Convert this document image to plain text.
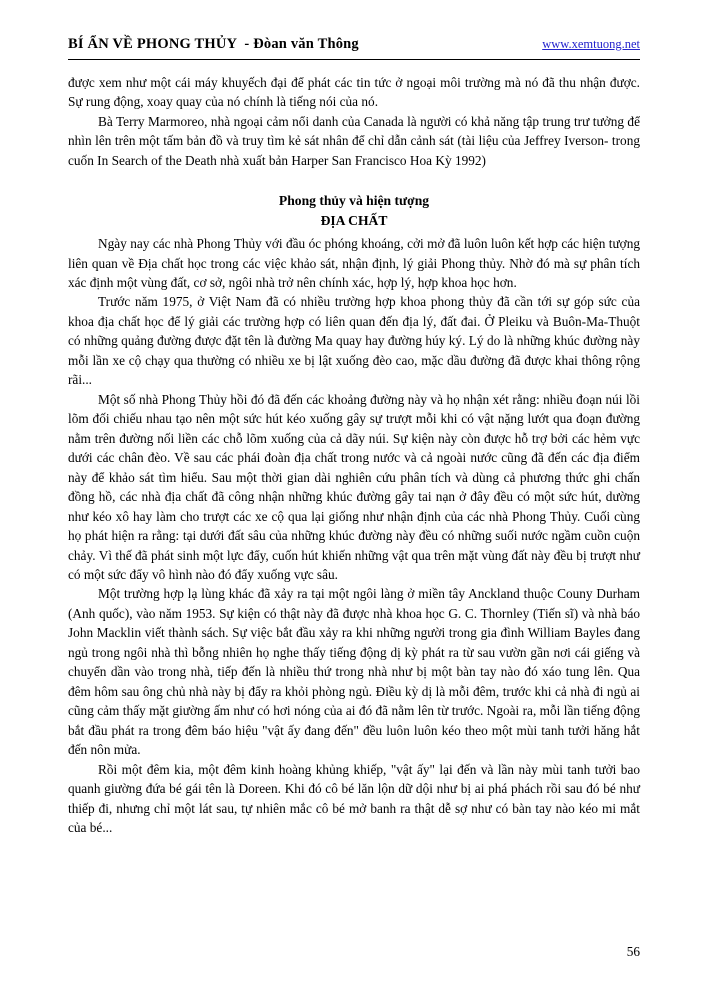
BÍ ẨN VỀ PHONG THỦY  - Đòan văn Thông	www.xemtuong.net

được xem như một cái máy khuyếch đại để phát các tin tức ở ngoại môi trường mà nó đã thu nhận được. Sự rung động, xoay quay của nó chính là tiếng nói của nó.

Bà Terry Marmoreo, nhà ngoại cảm nổi danh của Canada là người có khả năng tập trung trư tưởng để nhìn lên trên một tấm bản đồ và truy tìm kẻ sát nhân để chỉ dẫn cảnh sát (tài liệu của Jeffrey Iverson- trong cuốn In Search of the Death nhà xuất bản Harper San Francisco Hoa Kỳ 1992)

Phong thủy và hiện tượng

ĐỊA CHẤT

Ngày nay các nhà Phong Thủy với đầu óc phóng khoáng, cởi mở đã luôn luôn kết hợp các hiện tượng liên quan về Địa chất học trong các việc khảo sát, nhận định, lý giải Phong thủy. Nhờ đó mà sự phân tích xác định một vùng đất, cơ sở, ngôi nhà trở nên chính xác, hợp lý, hợp khoa học hơn.

Trước năm 1975, ở Việt Nam đã có nhiều trường hợp khoa phong thủy đã cần tới sự góp sức của khoa địa chất học để lý giải các trường hợp có liên quan đến địa lý, đất đai. Ở Pleiku và Buôn-Ma-Thuột có những quảng đường được đặt tên là đường Ma quay hay đường húy ký. Lý do là những khúc đường này mỗi lần xe cộ chạy qua thường có nhiều xe bị lật xuống đèo cao, mặc dầu đường đã được khai thông rộng rãi...

Một số nhà Phong Thủy hồi đó đã đến các khoảng đường này và họ nhận xét rằng: nhiều đoạn núi lồi lõm đối chiếu nhau tạo nên một sức hút kéo xuống gây sự trượt mỗi khi có vật nặng lướt qua đoạn đường nằm trên đường nối liền các chỗ lõm xuống của cả dãy núi. Sự kiện này còn được hỗ trợ bởi các hẻm vực dưới các chân đèo. Về sau các phái đoàn địa chất trong nước và cả ngoài nước cũng đã đến các địa điểm này để khảo sát tìm hiểu. Sau một thời gian dài nghiên cứu phân tích và dùng cả phương thức ghi chấn đồng hồ, các nhà địa chất đã công nhận những khúc đường gây tai nạn ở đây đều có một sức hút, dường như kéo xô hay làm cho trượt các xe cộ qua lại giống như nhận định của các nhà Phong Thủy. Cuối cùng họ phát hiện ra rằng: tại dưới đất sâu của những khúc đường này đều có những suối nước ngầm cuồn cuộn chảy. Vì thế đã phát sinh một lực đẩy, cuốn hút khiến những vật qua trên mặt vùng đất này đều bị trượt như có một sức đẩy vô hình nào đó đẩy xuống vực sâu.

Một trường hợp lạ lùng khác đã xảy ra tại một ngôi làng ở miền tây Anckland thuộc Couny Durham (Anh quốc), vào năm 1953. Sự kiện có thật này đã được nhà khoa học G. C. Thornley (Tiến sĩ) và nhà báo John Macklin viết thành sách. Sự việc bắt đầu xảy ra khi những người trong gia đình William Bayles đang ngủ trong ngôi nhà thì bỗng nhiên họ nghe thấy tiếng động dị kỳ phát ra từ sau vườn gần nơi cái giếng và chuyển dần vào trong nhà, tiếp đến là nhiều thứ trong nhà như bị một bàn tay nào đó xáo tung lên. Qua đêm hôm sau ông chủ nhà này bị đẩy ra khỏi phòng ngủ. Điều kỳ dị là mỗi đêm, trước khi cả nhà đi ngủ ai cũng cảm thấy mặt giường ấm như có hơi nóng của ai đó đã nằm lên từ trước. Ngoài ra, mỗi lần tiếng động bắt đầu phát ra trong đêm báo hiệu "vật ấy đang đến" đều luôn luôn kéo theo một mùi tanh tưởi hăng hắt đến nôn mửa.

Rồi một đêm kia, một đêm kinh hoàng khủng khiếp, "vật ấy" lại đến và lần này mùi tanh tưởi bao quanh giường đứa bé gái tên là Doreen. Khi đó cô bé lăn lộn dữ dội như bị ai phá phách rồi sau đó bé như thiếp đi, nhưng chỉ một lát sau, tự nhiên mắc cô bé mở banh ra thật dễ sợ như có bàn tay nào kéo mi mắt của bé...

56
